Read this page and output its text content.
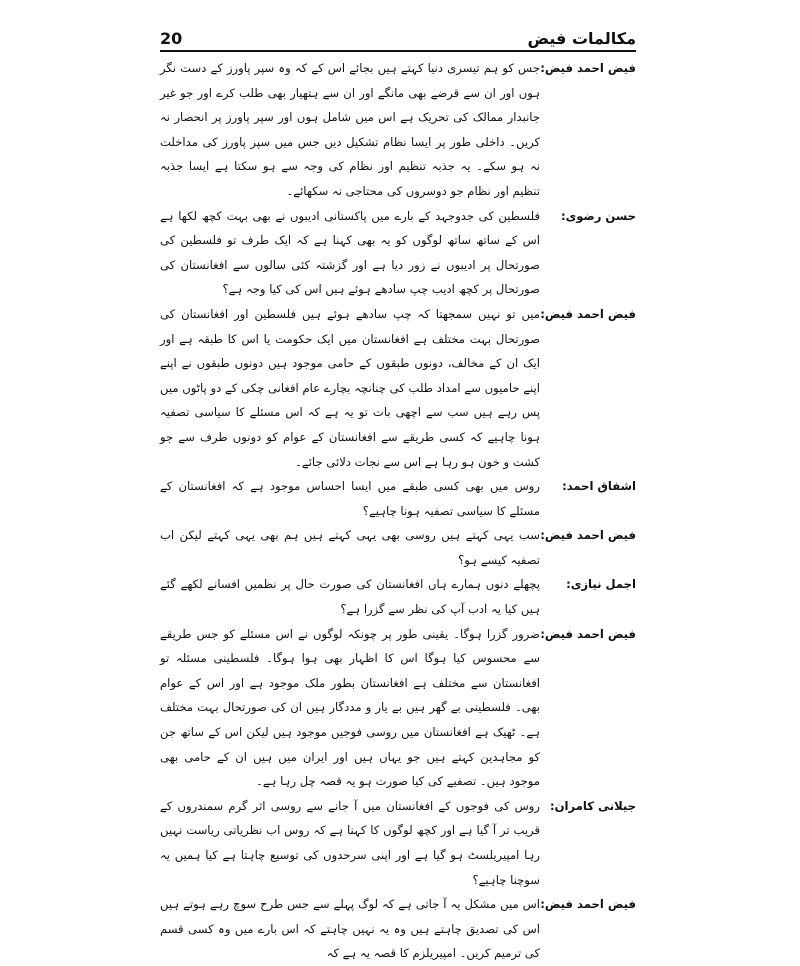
20	مکالمات فیض
فیض احمد فیض:
جس کو ہم تیسری دنیا کہتے ہیں بجائے اس کے کہ وہ سپر پاورز کے دست نگر ہوں اور ان سے قرضے بھی مانگے اور ان سے ہتھیار بھی طلب کرے اور جو غیر جانبدار ممالک کی تحریک ہے اس میں شامل ہوں اور سپر پاورز پر انحصار نہ کریں۔ داخلی طور پر ایسا نظام تشکیل دیں جس میں سپر پاورز کی مداخلت نہ ہو سکے۔ یہ جذبہ تنظیم اور نظام کی وجہ سے ہو سکتا ہے ایسا جذبہ تنظیم اور نظام جو دوسروں کی محتاجی نہ سکھائے۔
حسن رضوی:
فلسطین کی جدوجہد کے بارے میں پاکستانی ادیبوں نے بھی بہت کچھ لکھا ہے اس کے ساتھ ساتھ لوگوں کو یہ بھی کہنا ہے کہ ایک طرف تو فلسطین کی صورتحال پر ادیبوں نے زور دیا ہے اور گزشتہ کئی سالوں سے افغانستان کی صورتحال پر کچھ ادیب چپ سادھے ہوئے ہیں اس کی کیا وجہ ہے؟
فیض احمد فیض:
میں تو نہیں سمجھتا کہ چپ سادھے ہوئے ہیں فلسطین اور افغانستان کی صورتحال بہت مختلف ہے افغانستان میں ایک حکومت یا اس کا طبقہ ہے اور ایک ان کے مخالف، دونوں طبقوں کے حامی موجود ہیں دونوں طبقوں نے اپنے اپنے حامیوں سے امداد طلب کی چنانچہ بچارے عام افغانی چکی کے دو پاٹوں میں پس رہے ہیں سب سے اچھی بات تو یہ ہے کہ اس مسئلے کا سیاسی تصفیہ ہونا چاہیے کہ کسی طریقے سے افغانستان کے عوام کو دونوں طرف سے جو کشت و خون ہو رہا ہے اس سے نجات دلائی جائے۔
اشفاق احمد:
روس میں بھی کسی طبقے میں ایسا احساس موجود ہے کہ افغانستان کے مسئلے کا سیاسی تصفیہ ہونا چاہیے؟
فیض احمد فیض:
سب یہی کہتے ہیں روسی بھی یہی کہتے ہیں ہم بھی یہی کہتے لیکن اب تصفیہ کیسے ہو؟
اجمل نیازی:
پچھلے دنوں ہمارے ہاں افغانستان کی صورت حال پر نظمیں افسانے لکھے گئے ہیں کیا یہ ادب آپ کی نظر سے گزرا ہے؟
فیض احمد فیض:
ضرور گزرا ہوگا۔ یقینی طور پر چونکہ لوگوں نے اس مسئلے کو جس طریقے سے محسوس کیا ہوگا اس کا اظہار بھی ہوا ہوگا۔ فلسطینی مسئلہ تو افغانستان سے مختلف ہے افغانستان بطور ملک موجود ہے اور اس کے عوام بھی۔ فلسطینی بے گھر ہیں بے یار و مددگار ہیں ان کی صورتحال بہت مختلف ہے۔ ٹھیک ہے افغانستان میں روسی فوجیں موجود ہیں لیکن اس کے ساتھ جن کو مجاہدین کہتے ہیں جو یہاں ہیں اور ایران میں ہیں ان کے حامی بھی موجود ہیں۔ تصفیے کی کیا صورت ہو یہ قصہ چل رہا ہے۔
جیلانی کامران:
روس کی فوجوں کے افغانستان میں آ جانے سے روسی اثر گرم سمندروں کے قریب تر آ گیا ہے اور کچھ لوگوں کا کہنا ہے کہ روس اب نظریاتی ریاست نہیں رہا امپیریلسٹ ہو گیا ہے اور اپنی سرحدوں کی توسیع چاہتا ہے کیا ہمیں یہ سوچنا چاہیے؟
فیض احمد فیض:
اس میں مشکل یہ آ جاتی ہے کہ لوگ پہلے سے جس طرح سوچ رہے ہوتے ہیں اس کی تصدیق چاہتے ہیں وہ یہ نہیں چاہتے کہ اس بارے میں وہ کسی قسم کی ترمیم کریں۔ امپیریلزم کا قصہ یہ ہے کہ
